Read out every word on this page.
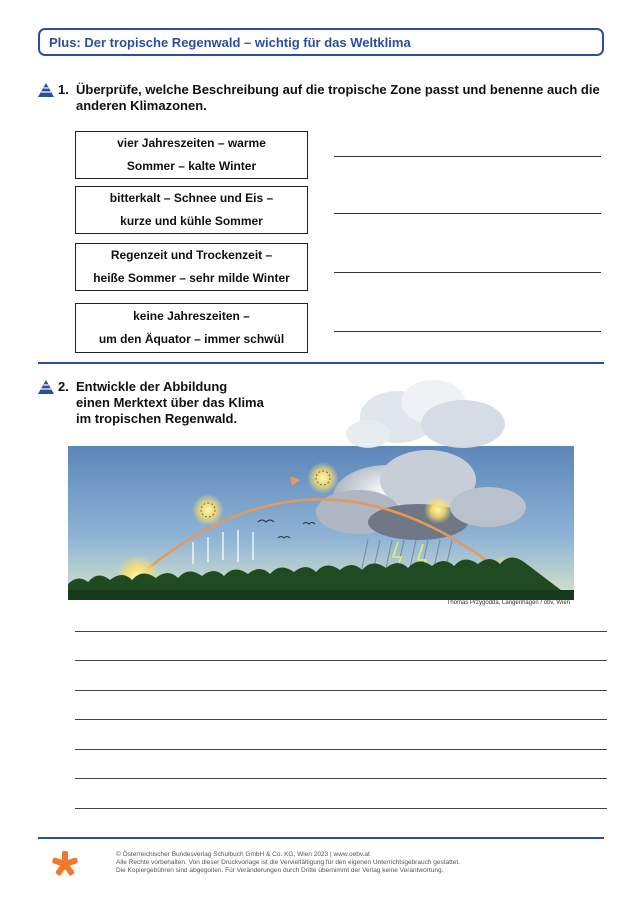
Plus: Der tropische Regenwald – wichtig für das Weltklima
1. Überprüfe, welche Beschreibung auf die tropische Zone passt und benenne auch die
anderen Klimazonen.
vier Jahreszeiten – warme
Sommer – kalte Winter
bitterkalt – Schnee und Eis –
kurze und kühle Sommer
Regenzeit und Trockenzeit –
heiße Sommer – sehr milde Winter
keine Jahreszeiten –
um den Äquator – immer schwül
2. Entwickle der Abbildung
einen Merktext über das Klima
im tropischen Regenwald.
Thomas Przygodda, Langenhagen / öbv, Wien
© Österreichischer Bundesverlag Schulbuch GmbH & Co. KG, Wien 2023 | www.oebv.at
Alle Rechte vorbehalten. Von dieser Druckvorlage ist die Vervielfältigung für den eigenen Unterrichtsgebrauch gestattet.
Die Kopiergebühren sind abgegolten. Für Veränderungen durch Dritte übernimmt der Verlag keine Verantwortung.
